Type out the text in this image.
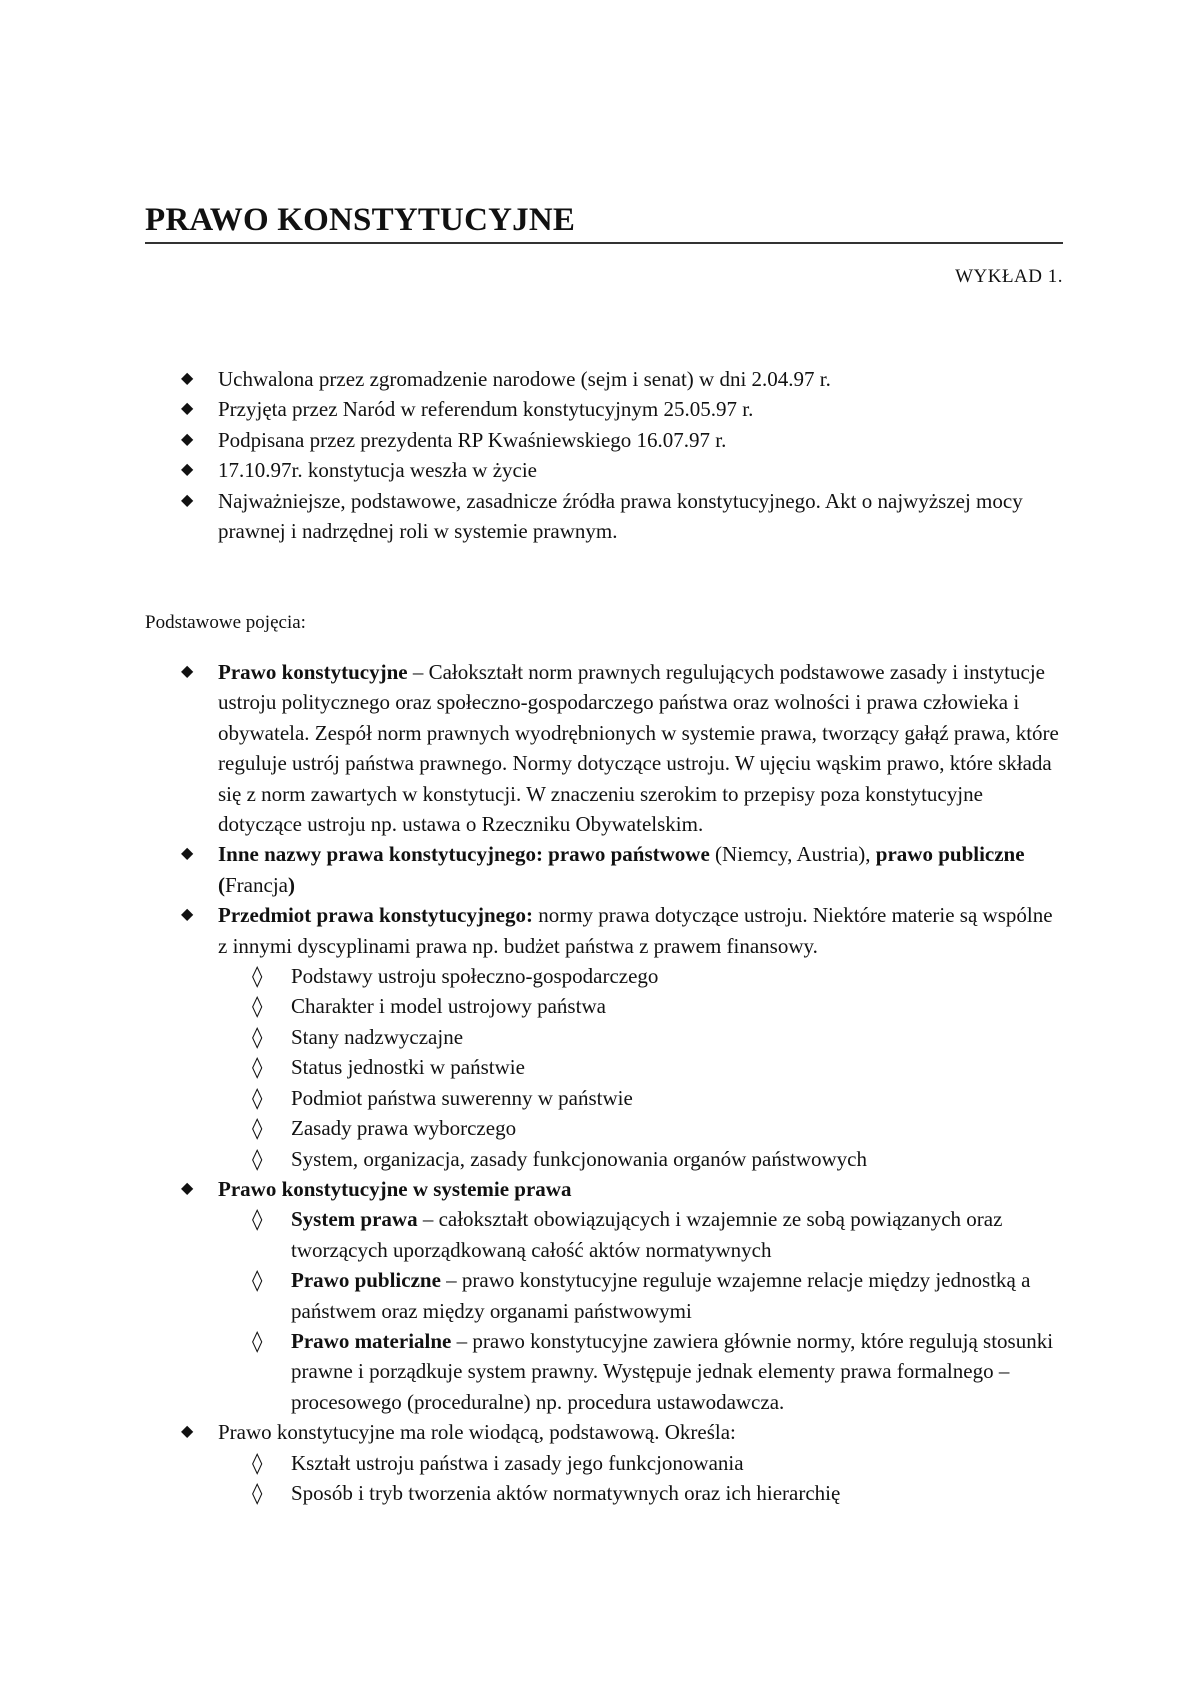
PRAWO KONSTYTUCYJNE
WYKŁAD 1.
◆ Uchwalona przez zgromadzenie narodowe (sejm i senat) w dni 2.04.97 r.
◆ Przyjęta przez Naród w referendum konstytucyjnym 25.05.97 r.
◆ Podpisana przez prezydenta RP Kwaśniewskiego 16.07.97 r.
◆ 17.10.97r. konstytucja weszła w życie
◆ Najważniejsze, podstawowe, zasadnicze źródła prawa konstytucyjnego. Akt o najwyższej mocy prawnej i nadrzędnej roli w systemie prawnym.
Podstawowe pojęcia:
◆ Prawo konstytucyjne – Całokształt norm prawnych regulujących podstawowe zasady i instytucje ustroju politycznego oraz społeczno-gospodarczego państwa oraz wolności i prawa człowieka i obywatela. Zespół norm prawnych wyodrębnionych w systemie prawa, tworzący gałąź prawa, które reguluje ustrój państwa prawnego. Normy dotyczące ustroju. W ujęciu wąskim prawo, które składa się z norm zawartych w konstytucji. W znaczeniu szerokim to przepisy poza konstytucyjne dotyczące ustroju np. ustawa o Rzeczniku Obywatelskim.
◆ Inne nazwy prawa konstytucyjnego: prawo państwowe (Niemcy, Austria), prawo publiczne (Francja)
◆ Przedmiot prawa konstytucyjnego: normy prawa dotyczące ustroju. Niektóre materie są wspólne z innymi dyscyplinami prawa np. budżet państwa z prawem finansowy.
◊ Podstawy ustroju społeczno-gospodarczego
◊ Charakter i model ustrojowy państwa
◊ Stany nadzwyczajne
◊ Status jednostki w państwie
◊ Podmiot państwa suwerenny w państwie
◊ Zasady prawa wyborczego
◊ System, organizacja, zasady funkcjonowania organów państwowych
◆ Prawo konstytucyjne w systemie prawa
◊ System prawa – całokształt obowiązujących i wzajemnie ze sobą powiązanych oraz tworzących uporządkowaną całość aktów normatywnych
◊ Prawo publiczne – prawo konstytucyjne reguluje wzajemne relacje między jednostką a państwem oraz między organami państwowymi
◊ Prawo materialne – prawo konstytucyjne zawiera głównie normy, które regulują stosunki prawne i porządkuje system prawny. Występuje jednak elementy prawa formalnego – procesowego (proceduralne) np. procedura ustawodawcza.
◆ Prawo konstytucyjne ma role wiodącą, podstawową. Określa:
◊ Kształt ustroju państwa i zasady jego funkcjonowania
◊ Sposób i tryb tworzenia aktów normatywnych oraz ich hierarchię
